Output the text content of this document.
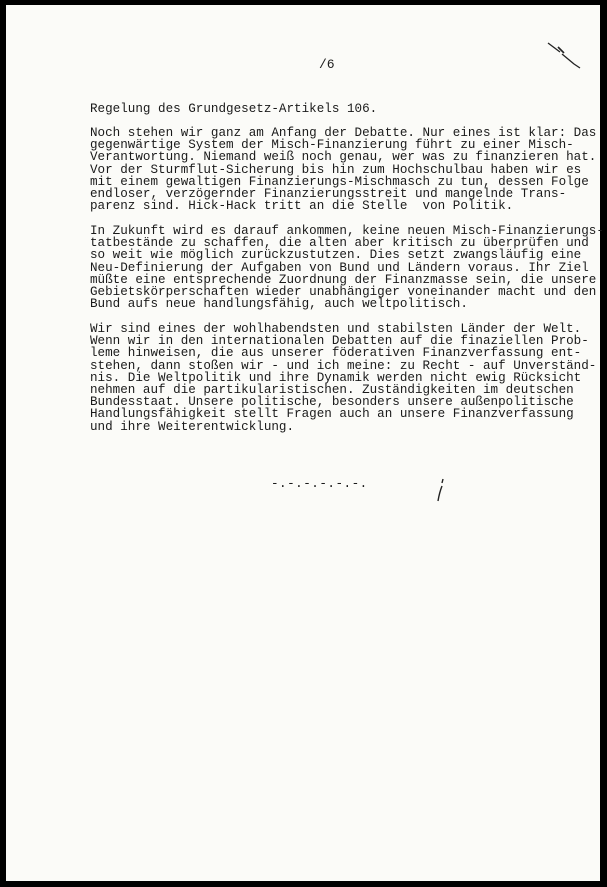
/6
Regelung des Grundgesetz-Artikels 106.
Noch stehen wir ganz am Anfang der Debatte. Nur eines ist klar: Das
gegenwärtige System der Misch-Finanzierung führt zu einer Misch-
Verantwortung. Niemand weiß noch genau, wer was zu finanzieren hat.
Vor der Sturmflut-Sicherung bis hin zum Hochschulbau haben wir es
mit einem gewaltigen Finanzierungs-Mischmasch zu tun, dessen Folge
endloser, verzögernder Finanzierungsstreit und mangelnde Trans-
parenz sind. Hick-Hack tritt an die Stelle  von Politik.
In Zukunft wird es darauf ankommen, keine neuen Misch-Finanzierungs-
tatbestände zu schaffen, die alten aber kritisch zu überprüfen und
so weit wie möglich zurückzustutzen. Dies setzt zwangsläufig eine
Neu-Definierung der Aufgaben von Bund und Ländern voraus. Ihr Ziel
müßte eine entsprechende Zuordnung der Finanzmasse sein, die unsere
Gebietskörperschaften wieder unabhängiger voneinander macht und den
Bund aufs neue handlungsfähig, auch weltpolitisch.
Wir sind eines der wohlhabendsten und stabilsten Länder der Welt.
Wenn wir in den internationalen Debatten auf die finaziellen Prob-
leme hinweisen, die aus unserer föderativen Finanzverfassung ent-
stehen, dann stoßen wir - und ich meine: zu Recht - auf Unverständ-
nis. Die Weltpolitik und ihre Dynamik werden nicht ewig Rücksicht
nehmen auf die partikularistischen. Zuständigkeiten im deutschen
Bundesstaat. Unsere politische, besonders unsere außenpolitische
Handlungsfähigkeit stellt Fragen auch an unsere Finanzverfassung
und ihre Weiterentwicklung.
-.-.-.-.-.-.
